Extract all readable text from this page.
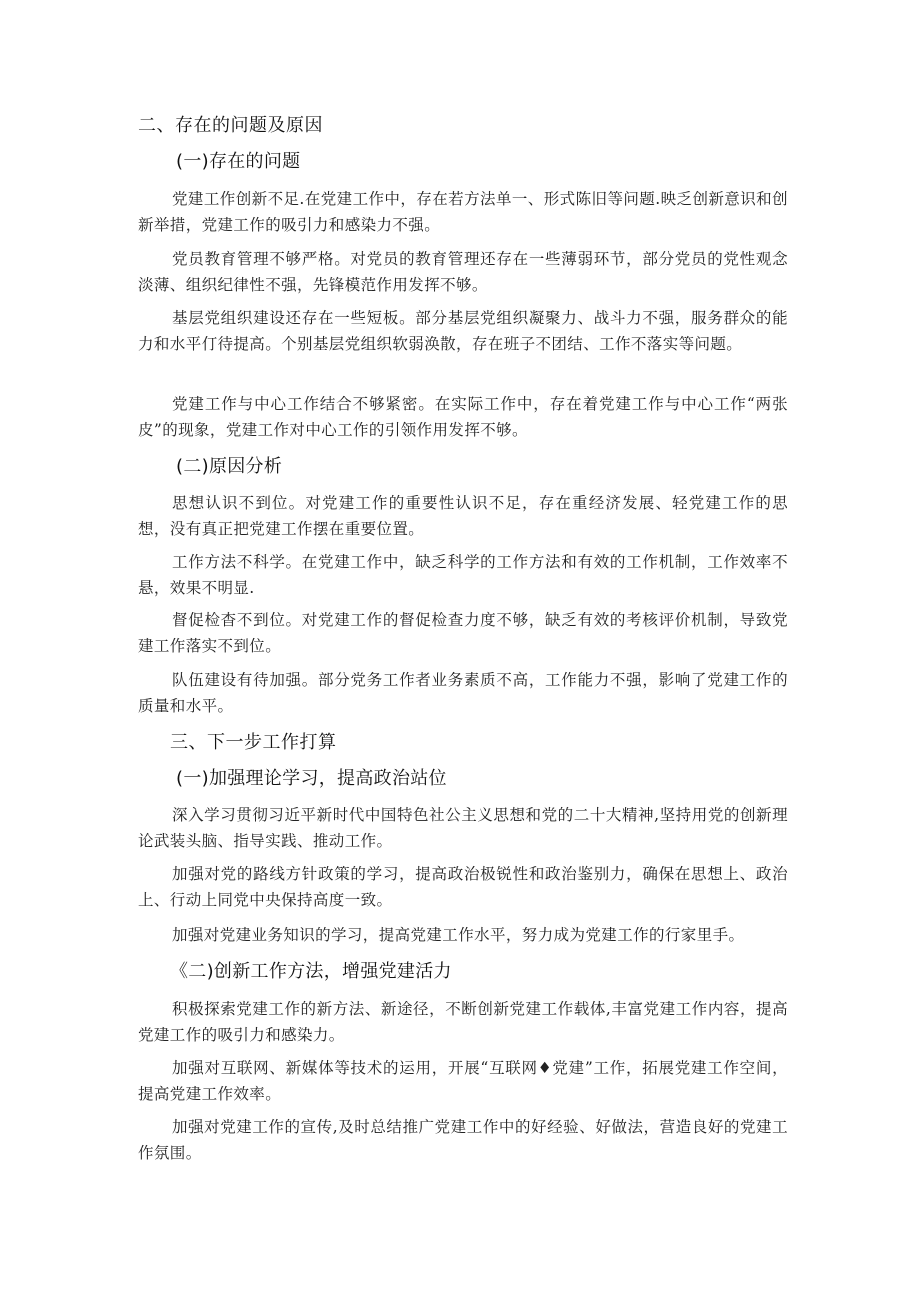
二、存在的问题及原因
(一)存在的问题
党建工作创新不足.在党建工作中，存在若方法单一、形式陈旧等问题.映乏创新意识和创新举措，党建工作的吸引力和感染力不强。
党员教育管理不够严格。对党员的教育管理还存在一些薄弱环节，部分党员的党性观念淡薄、组织纪律性不强，先锋模范作用发挥不够。
基层党组织建设还存在一些短板。部分基层党组织凝聚力、战斗力不强，服务群众的能力和水平仃待提高。个别基层党组织软弱涣散，存在班子不团结、工作不落实等问题。
党建工作与中心工作结合不够紧密。在实际工作中，存在着党建工作与中心工作“两张皮”的现象，党建工作对中心工作的引领作用发挥不够。
(二)原因分析
思想认识不到位。对党建工作的重要性认识不足，存在重经济发展、轻党建工作的思想，没有真正把党建工作摆在重要位置。
工作方法不科学。在党建工作中，缺乏科学的工作方法和有效的工作机制，工作效率不悬，效果不明显.
督促检杳不到位。对党建工作的督促检查力度不够，缺乏有效的考核评价机制，导致党建工作落实不到位。
队伍建设有待加强。部分党务工作者业务素质不高，工作能力不强，影响了党建工作的质量和水平。
三、下一步工作打算
(一)加强理论学习，提高政治站位
深入学习贯彻习近平新时代中国特色社公主义思想和党的二十大精神,坚持用党的创新理论武装头脑、指导实践、推动工作。
加强对党的路线方针政策的学习，提高政治极锐性和政治鉴别力，确保在思想上、政治上、行动上同党中央保持高度一致。
加强对党建业务知识的学习，提高党建工作水平，努力成为党建工作的行家里手。
《二)创新工作方法，增强党建活力
积极探索党建工作的新方法、新途径，不断创新党建工作载体,丰富党建工作内容，提高党建工作的吸引力和感染力。
加强对互联网、新媒体等技术的运用，开展“互联网♦党建”工作，拓展党建工作空间，提高党建工作效率。
加强对党建工作的宣传,及时总结推广党建工作中的好经验、好做法，营造良好的党建工作氛围。
